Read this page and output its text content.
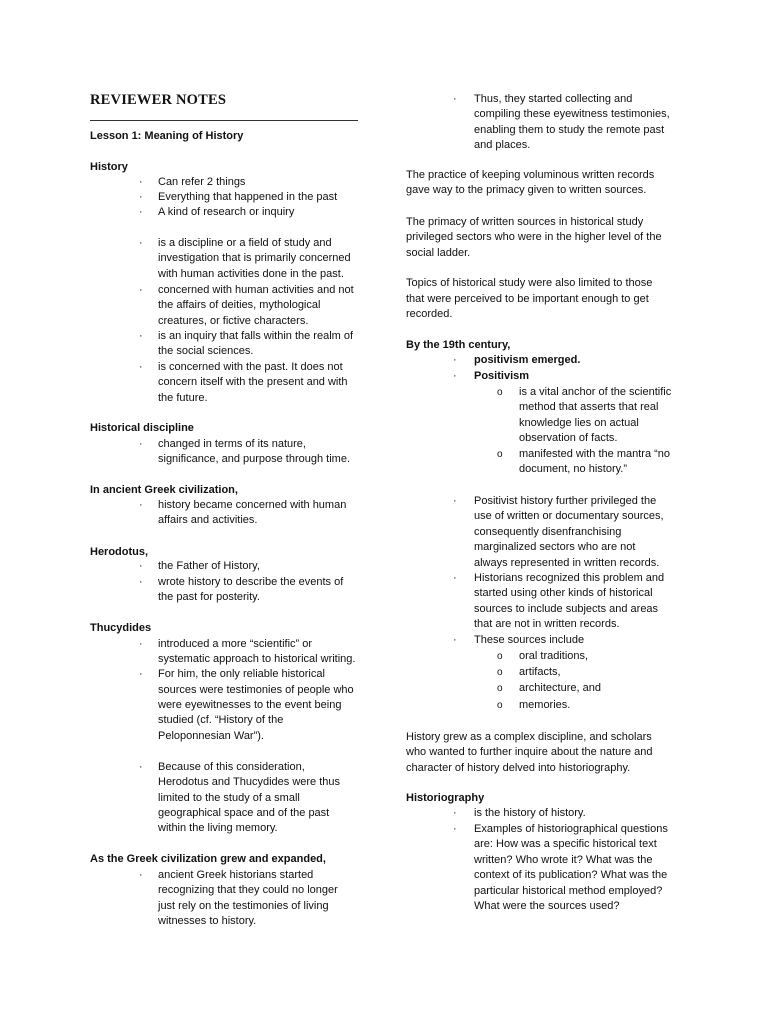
REVIEWER NOTES
Lesson 1: Meaning of History
History
· Can refer 2 things
· Everything that happened in the past
· A kind of research or inquiry
· is a discipline or a field of study and
investigation that is primarily concerned
with human activities done in the past.
· concerned with human activities and not
the affairs of deities, mythological
creatures, or fictive characters.
· is an inquiry that falls within the realm of
the social sciences.
· is concerned with the past. It does not
concern itself with the present and with
the future.
Historical discipline
· changed in terms of its nature,
significance, and purpose through time.
In ancient Greek civilization,
· history became concerned with human
affairs and activities.
Herodotus,
· the Father of History,
· wrote history to describe the events of
the past for posterity.
Thucydides
· introduced a more “scientific” or
systematic approach to historical writing.
· For him, the only reliable historical
sources were testimonies of people who
were eyewitnesses to the event being
studied (cf. “History of the
Peloponnesian War”).
· Because of this consideration,
Herodotus and Thucydides were thus
limited to the study of a small
geographical space and of the past
within the living memory.
As the Greek civilization grew and expanded,
· ancient Greek historians started
recognizing that they could no longer
just rely on the testimonies of living
witnesses to history.
· Thus, they started collecting and
compiling these eyewitness testimonies,
enabling them to study the remote past
and places.
The practice of keeping voluminous written records
gave way to the primacy given to written sources.
The primacy of written sources in historical study
privileged sectors who were in the higher level of the
social ladder.
Topics of historical study were also limited to those
that were perceived to be important enough to get
recorded.
By the 19th century,
· positivism emerged.
· Positivism
o is a vital anchor of the scientific
method that asserts that real
knowledge lies on actual
observation of facts.
o manifested with the mantra “no
document, no history.”
· Positivist history further privileged the
use of written or documentary sources,
consequently disenfranchising
marginalized sectors who are not
always represented in written records.
· Historians recognized this problem and
started using other kinds of historical
sources to include subjects and areas
that are not in written records.
· These sources include
o oral traditions,
o artifacts,
o architecture, and
o memories.
History grew as a complex discipline, and scholars
who wanted to further inquire about the nature and
character of history delved into historiography.
Historiography
· is the history of history.
· Examples of historiographical questions
are: How was a specific historical text
written? Who wrote it? What was the
context of its publication? What was the
particular historical method employed?
What were the sources used?
